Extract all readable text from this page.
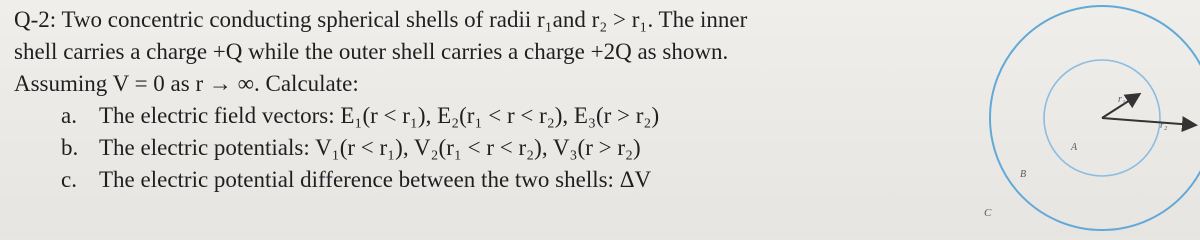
Q-2: Two concentric conducting spherical shells of radii r₁and r₂ > r₁. The inner
shell carries a charge +Q while the outer shell carries a charge +2Q as shown.
Assuming V = 0 as r → ∞. Calculate:
a. The electric field vectors: E₁(r < r₁), E₂(r₁ < r < r₂), E₃(r > r₂)
b. The electric potentials: V₁(r < r₁), V₂(r₁ < r < r₂), V₃(r > r₂)
c. The electric potential difference between the two shells: ΔV
r₁
r₂
A
B
C
